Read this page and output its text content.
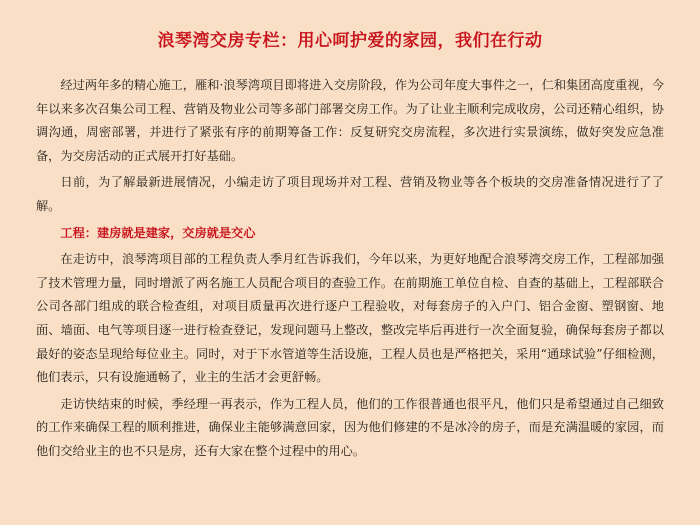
浪琴湾交房专栏：用心呵护爱的家园，我们在行动

经过两年多的精心施工，雁和·浪琴湾项目即将进入交房阶段，作为公司年度大事件之一，仁和集团高度重视，今年以来多次召集公司工程、营销及物业公司等多部门部署交房工作。为了让业主顺利完成收房，公司还精心组织，协调沟通，周密部署，并进行了紧张有序的前期筹备工作：反复研究交房流程，多次进行实景演练，做好突发应急准备，为交房活动的正式展开打好基础。

日前，为了解最新进展情况，小编走访了项目现场并对工程、营销及物业等各个板块的交房准备情况进行了了解。

工程：建房就是建家，交房就是交心

在走访中，浪琴湾项目部的工程负责人季月红告诉我们，今年以来，为更好地配合浪琴湾交房工作，工程部加强了技术管理力量，同时增派了两名施工人员配合项目的查验工作。在前期施工单位自检、自查的基础上，工程部联合公司各部门组成的联合检查组，对项目质量再次进行逐户工程验收，对每套房子的入户门、铝合金窗、塑钢窗、地面、墙面、电气等项目逐一进行检查登记，发现问题马上整改，整改完毕后再进行一次全面复验，确保每套房子都以最好的姿态呈现给每位业主。同时，对于下水管道等生活设施，工程人员也是严格把关，采用“通球试验”仔细检测，他们表示，只有设施通畅了，业主的生活才会更舒畅。

走访快结束的时候，季经理一再表示，作为工程人员，他们的工作很普通也很平凡，他们只是希望通过自己细致的工作来确保工程的顺利推进，确保业主能够满意回家，因为他们修建的不是冰冷的房子，而是充满温暖的家园，而他们交给业主的也不只是房，还有大家在整个过程中的用心。
